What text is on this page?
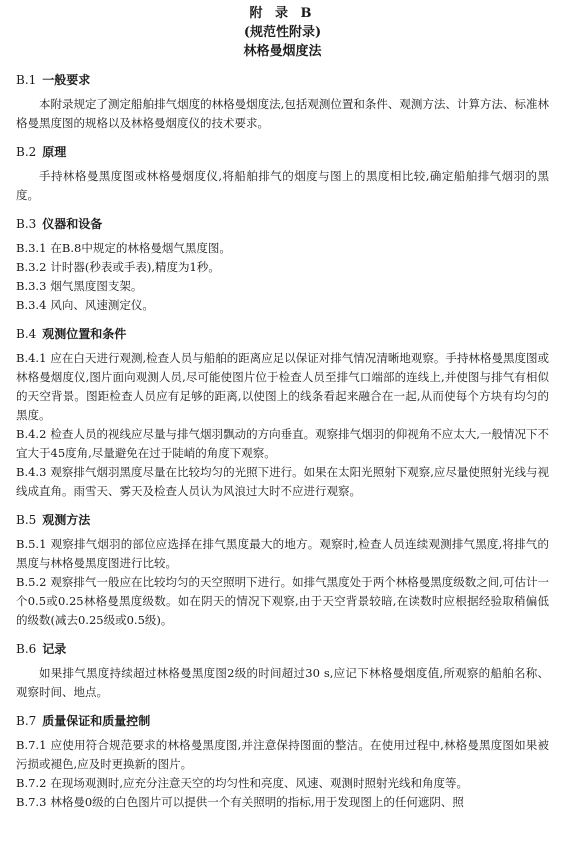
附 录 B
(规范性附录)
林格曼烟度法
B.1 一般要求

本附录规定了测定船舶排气烟度的林格曼烟度法,包括观测位置和条件、观测方法、计算方法、标准林格曼黑度图的规格以及林格曼烟度仪的技术要求。

B.2 原理

手持林格曼黑度图或林格曼烟度仪,将船舶排气的烟度与图上的黑度相比较,确定船舶排气烟羽的黑度。

B.3 仪器和设备
B.3.1 在B.8中规定的林格曼烟气黑度图。
B.3.2 计时器(秒表或手表),精度为1秒。
B.3.3 烟气黑度图支架。
B.3.4 风向、风速测定仪。
B.4 观测位置和条件
B.4.1 应在白天进行观测,检查人员与船舶的距离应足以保证对排气情况清晰地观察。手持林格曼黑度图或林格曼烟度仪,图片面向观测人员,尽可能使图片位于检查人员至排气口端部的连线上,并使图与排气有相似的天空背景。图距检查人员应有足够的距离,以使图上的线条看起来融合在一起,从而使每个方块有均匀的黑度。
B.4.2 检查人员的视线应尽量与排气烟羽飘动的方向垂直。观察排气烟羽的仰视角不应太大,一般情况下不宜大于45度角,尽量避免在过于陡峭的角度下观察。
B.4.3 观察排气烟羽黑度尽量在比较均匀的光照下进行。如果在太阳光照射下观察,应尽量使照射光线与视线成直角。雨雪天、雾天及检查人员认为风浪过大时不应进行观察。
B.5 观测方法
B.5.1 观察排气烟羽的部位应选择在排气黑度最大的地方。观察时,检查人员连续观测排气黑度,将排气的黑度与林格曼黑度图进行比较。
B.5.2 观察排气一般应在比较均匀的天空照明下进行。如排气黑度处于两个林格曼黑度级数之间,可估计一个0.5或0.25林格曼黑度级数。如在阴天的情况下观察,由于天空背景较暗,在读数时应根据经验取稍偏低的级数(减去0.25级或0.5级)。
B.6 记录

如果排气黑度持续超过林格曼黑度图2级的时间超过30 s,应记下林格曼烟度值,所观察的船舶名称、观察时间、地点。

B.7 质量保证和质量控制
B.7.1 应使用符合规范要求的林格曼黑度图,并注意保持图面的整洁。在使用过程中,林格曼黑度图如果被污损或褪色,应及时更换新的图片。
B.7.2 在现场观测时,应充分注意天空的均匀性和亮度、风速、观测时照射光线和角度等。
B.7.3 林格曼0级的白色图片可以提供一个有关照明的指标,用于发现图上的任何遮阴、照
